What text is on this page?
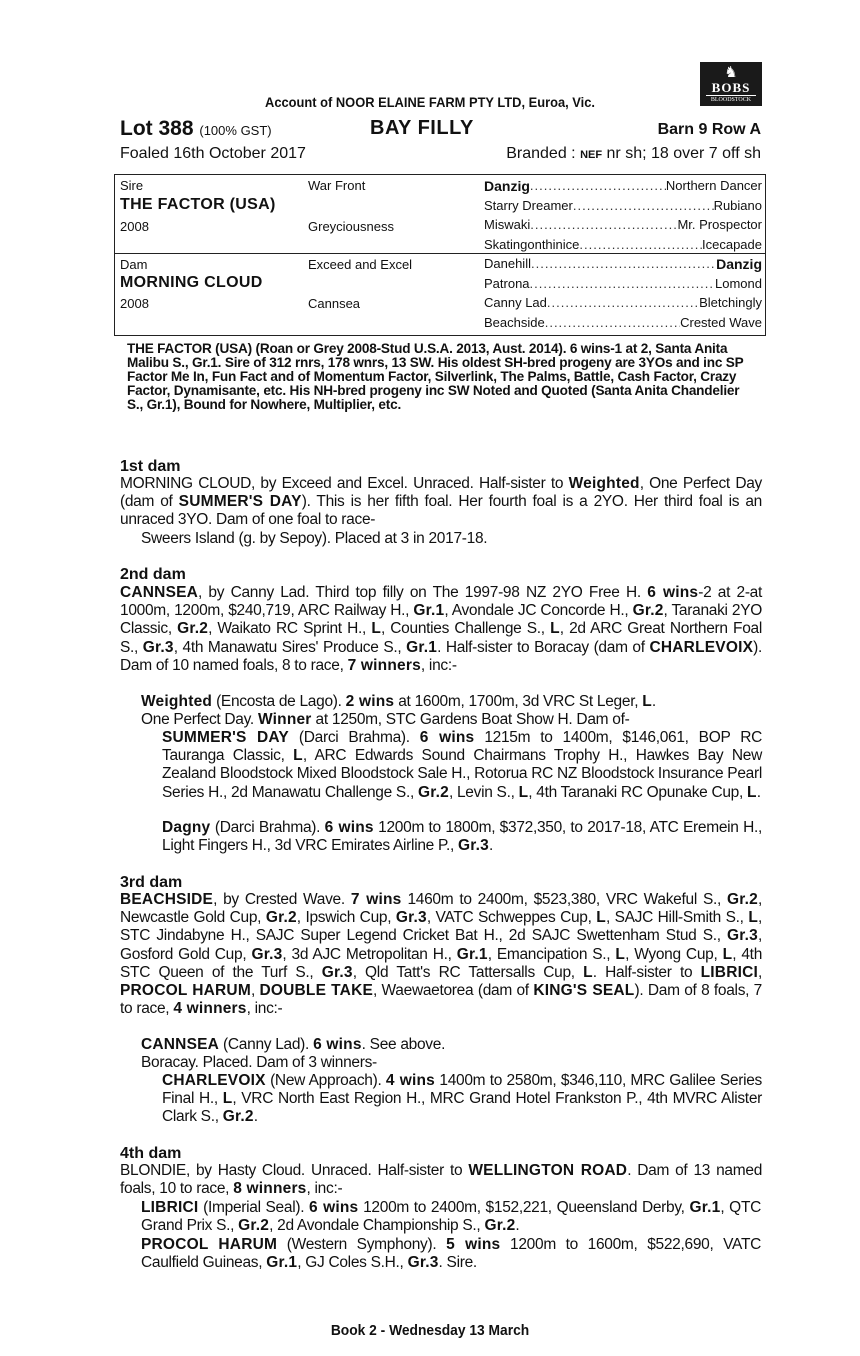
♞
BOBS
BLOODSTOCK
Account of NOOR ELAINE FARM PTY LTD, Euroa, Vic.
Lot 388 (100% GST)	BAY FILLY	Barn 9 Row A
Foaled 16th October 2017	Branded : NEF nr sh; 18 over 7 off sh
Sire
THE FACTOR (USA)
2008
War Front
Greyciousness
Dam
MORNING CLOUD
2008
Exceed and Excel
Cannsea
Danzig .....	Northern Dancer
Starry Dreamer .....	Rubiano
Miswaki .....	Mr. Prospector
Skatingonthinice .....	Icecapade
Danehill .....	Danzig
Patrona .....	Lomond
Canny Lad .....	Bletchingly
Beachside .....	Crested Wave
THE FACTOR (USA) (Roan or Grey 2008-Stud U.S.A. 2013, Aust. 2014). 6 wins-1 at 2, Santa Anita Malibu S., Gr.1. Sire of 312 rnrs, 178 wnrs, 13 SW. His oldest SH-bred progeny are 3YOs and inc SP Factor Me In, Fun Fact and of Momentum Factor, Silverlink, The Palms, Battle, Cash Factor, Crazy Factor, Dynamisante, etc. His NH-bred progeny inc SW Noted and Quoted (Santa Anita Chandelier S., Gr.1), Bound for Nowhere, Multiplier, etc.
1st dam
MORNING CLOUD, by Exceed and Excel. Unraced. Half-sister to Weighted, One Perfect Day (dam of SUMMER'S DAY). This is her fifth foal. Her fourth foal is a 2YO. Her third foal is an unraced 3YO. Dam of one foal to race-
Sweers Island (g. by Sepoy). Placed at 3 in 2017-18.
2nd dam
CANNSEA, by Canny Lad. Third top filly on The 1997-98 NZ 2YO Free H. 6 wins-2 at 2-at 1000m, 1200m, $240,719, ARC Railway H., Gr.1, Avondale JC Concorde H., Gr.2, Taranaki 2YO Classic, Gr.2, Waikato RC Sprint H., L, Counties Challenge S., L, 2d ARC Great Northern Foal S., Gr.3, 4th Manawatu Sires' Produce S., Gr.1. Half-sister to Boracay (dam of CHARLEVOIX). Dam of 10 named foals, 8 to race, 7 winners, inc:-
Weighted (Encosta de Lago). 2 wins at 1600m, 1700m, 3d VRC St Leger, L.
One Perfect Day. Winner at 1250m, STC Gardens Boat Show H. Dam of-
SUMMER'S DAY (Darci Brahma). 6 wins 1215m to 1400m, $146,061, BOP RC Tauranga Classic, L, ARC Edwards Sound Chairmans Trophy H., Hawkes Bay New Zealand Bloodstock Mixed Bloodstock Sale H., Rotorua RC NZ Bloodstock Insurance Pearl Series H., 2d Manawatu Challenge S., Gr.2, Levin S., L, 4th Taranaki RC Opunake Cup, L.
Dagny (Darci Brahma). 6 wins 1200m to 1800m, $372,350, to 2017-18, ATC Eremein H., Light Fingers H., 3d VRC Emirates Airline P., Gr.3.
3rd dam
BEACHSIDE, by Crested Wave. 7 wins 1460m to 2400m, $523,380, VRC Wakeful S., Gr.2, Newcastle Gold Cup, Gr.2, Ipswich Cup, Gr.3, VATC Schweppes Cup, L, SAJC Hill-Smith S., L, STC Jindabyne H., SAJC Super Legend Cricket Bat H., 2d SAJC Swettenham Stud S., Gr.3, Gosford Gold Cup, Gr.3, 3d AJC Metropolitan H., Gr.1, Emancipation S., L, Wyong Cup, L, 4th STC Queen of the Turf S., Gr.3, Qld Tatt's RC Tattersalls Cup, L. Half-sister to LIBRICI, PROCOL HARUM, DOUBLE TAKE, Waewaetorea (dam of KING'S SEAL). Dam of 8 foals, 7 to race, 4 winners, inc:-
CANNSEA (Canny Lad). 6 wins. See above.
Boracay. Placed. Dam of 3 winners-
CHARLEVOIX (New Approach). 4 wins 1400m to 2580m, $346,110, MRC Galilee Series Final H., L, VRC North East Region H., MRC Grand Hotel Frankston P., 4th MVRC Alister Clark S., Gr.2.
4th dam
BLONDIE, by Hasty Cloud. Unraced. Half-sister to WELLINGTON ROAD. Dam of 13 named foals, 10 to race, 8 winners, inc:-
LIBRICI (Imperial Seal). 6 wins 1200m to 2400m, $152,221, Queensland Derby, Gr.1, QTC Grand Prix S., Gr.2, 2d Avondale Championship S., Gr.2.
PROCOL HARUM (Western Symphony). 5 wins 1200m to 1600m, $522,690, VATC Caulfield Guineas, Gr.1, GJ Coles S.H., Gr.3. Sire.
Book 2 - Wednesday 13 March
